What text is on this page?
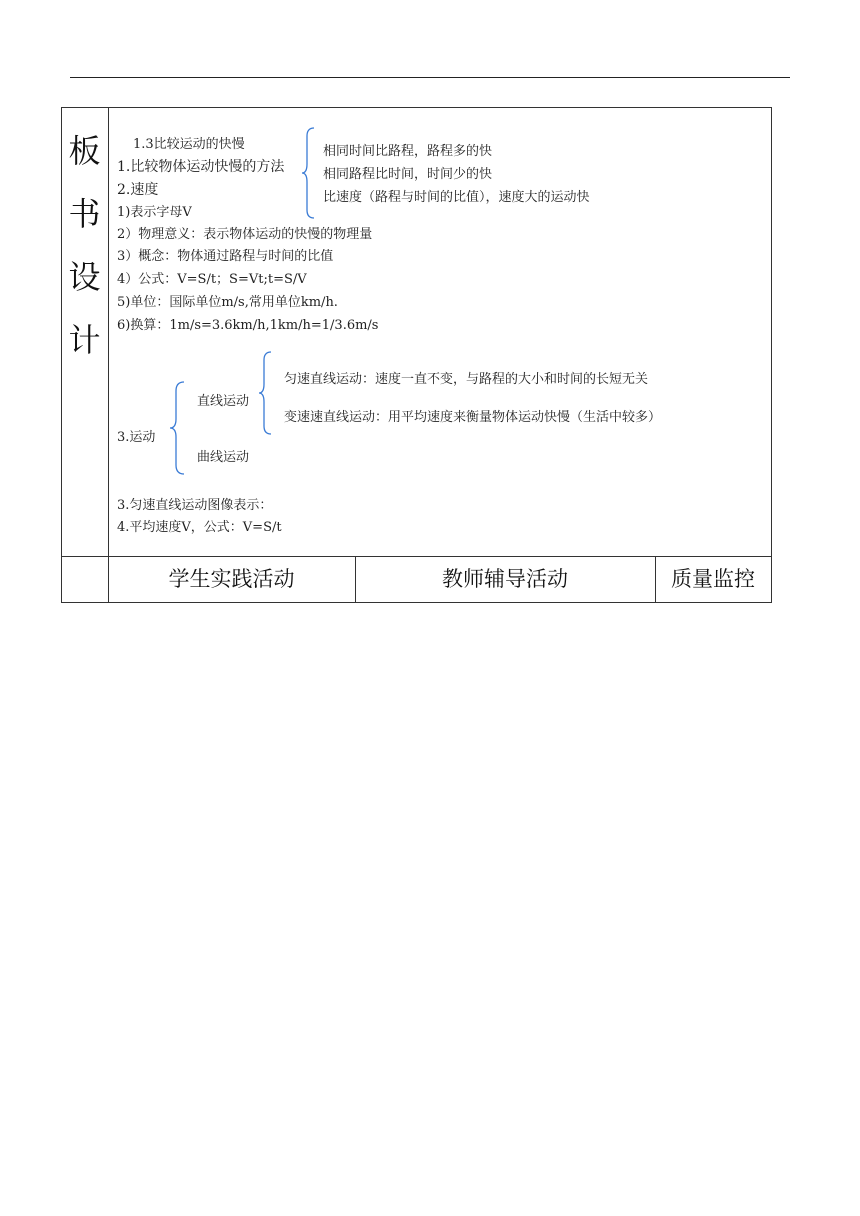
板
书
设
计
1.3比较运动的快慢
1.比较物体运动快慢的方法
相同时间比路程，路程多的快
相同路程比时间，时间少的快
比速度（路程与时间的比值），速度大的运动快
2.速度
1)表示字母V
2）物理意义：表示物体运动的快慢的物理量
3）概念：物体通过路程与时间的比值
4）公式：V=S/t；S=Vt;t=S/V
5)单位：国际单位m/s,常用单位km/h.
6)换算：1m/s=3.6km/h,1km/h=1/3.6m/s
匀速直线运动：速度一直不变，与路程的大小和时间的长短无关
直线运动
变速速直线运动：用平均速度来衡量物体运动快慢（生活中较多）
3.运动
曲线运动
3.匀速直线运动图像表示：
4.平均速度V，公式：V=S/t
学生实践活动	教师辅导活动	质量监控
